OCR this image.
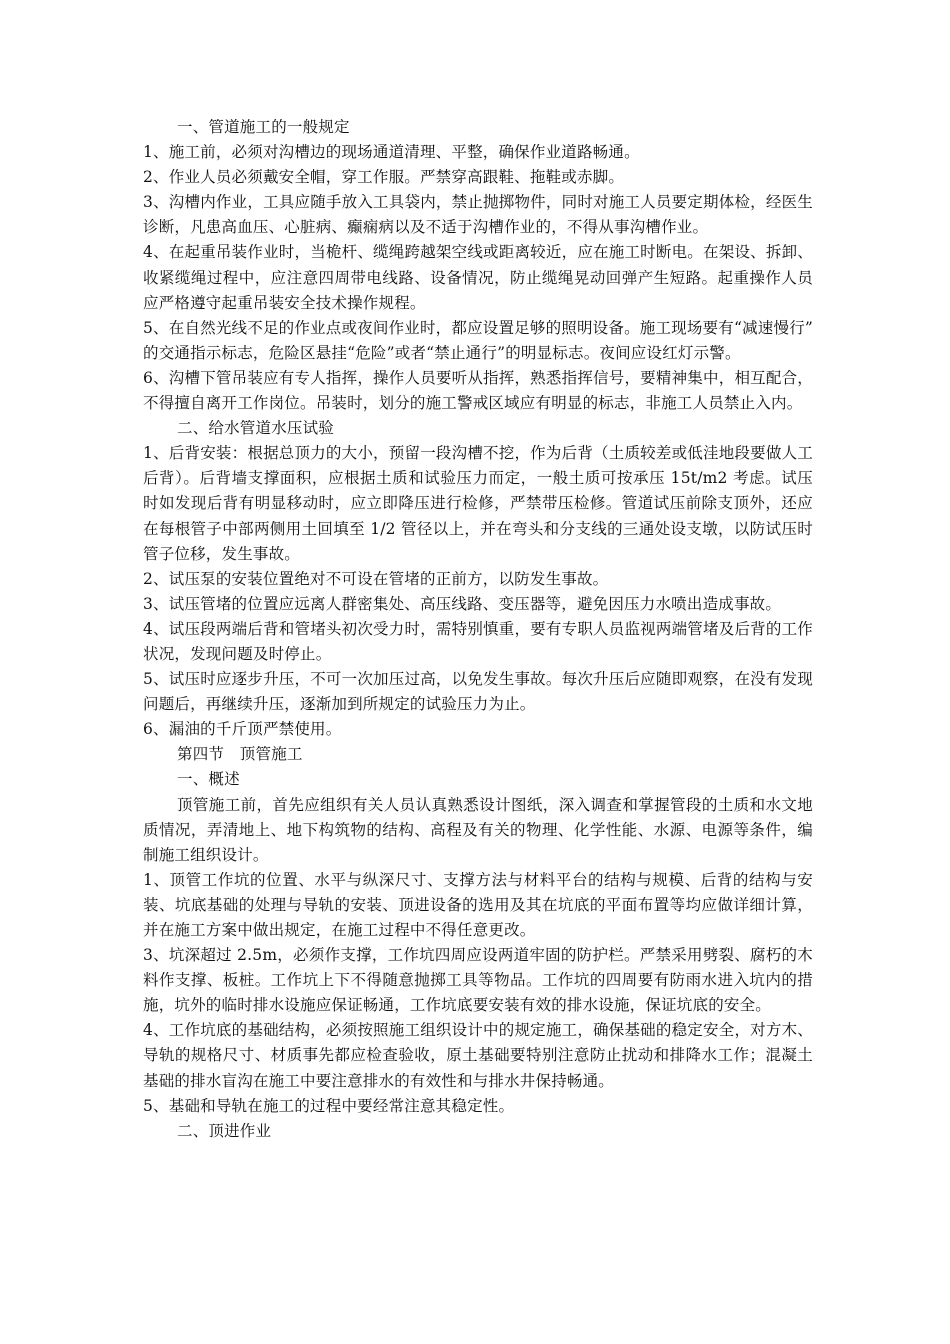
一、管道施工的一般规定

1、施工前，必须对沟槽边的现场通道清理、平整，确保作业道路畅通。

2、作业人员必须戴安全帽，穿工作服。严禁穿高跟鞋、拖鞋或赤脚。

3、沟槽内作业，工具应随手放入工具袋内，禁止抛掷物件，同时对施工人员要定期体检，经医生诊断，凡患高血压、心脏病、癫痫病以及不适于沟槽作业的，不得从事沟槽作业。

4、在起重吊装作业时，当桅杆、缆绳跨越架空线或距离较近，应在施工时断电。在架设、拆卸、收紧缆绳过程中，应注意四周带电线路、设备情况，防止缆绳晃动回弹产生短路。起重操作人员应严格遵守起重吊装安全技术操作规程。

5、在自然光线不足的作业点或夜间作业时，都应设置足够的照明设备。施工现场要有“减速慢行”　的交通指示标志，危险区悬挂“危险”或者“禁止通行”的明显标志。夜间应设红灯示警。

6、沟槽下管吊装应有专人指挥，操作人员要听从指挥，熟悉指挥信号，要精神集中，相互配合，不得擅自离开工作岗位。吊装时，划分的施工警戒区域应有明显的标志，非施工人员禁止入内。

二、给水管道水压试验

1、后背安装：根据总顶力的大小，预留一段沟槽不挖，作为后背（土质较差或低洼地段要做人工后背）。后背墙支撑面积，应根据土质和试验压力而定，一般土质可按承压 15t/m2 考虑。试压时如发现后背有明显移动时，应立即降压进行检修，严禁带压检修。管道试压前除支顶外，还应在每根管子中部两侧用土回填至 1/2 管径以上，并在弯头和分支线的三通处设支墩，以防试压时管子位移，发生事故。

2、试压泵的安装位置绝对不可设在管堵的正前方，以防发生事故。

3、试压管堵的位置应远离人群密集处、高压线路、变压器等，避免因压力水喷出造成事故。

4、试压段两端后背和管堵头初次受力时，需特别慎重，要有专职人员监视两端管堵及后背的工作状况，发现问题及时停止。

5、试压时应逐步升压，不可一次加压过高，以免发生事故。每次升压后应随即观察，在没有发现问题后，再继续升压，逐渐加到所规定的试验压力为止。

6、漏油的千斤顶严禁使用。

第四节　顶管施工

一、概述

顶管施工前，首先应组织有关人员认真熟悉设计图纸，深入调查和掌握管段的土质和水文地质情况，弄清地上、地下构筑物的结构、高程及有关的物理、化学性能、水源、电源等条件，编制施工组织设计。

1、顶管工作坑的位置、水平与纵深尺寸、支撑方法与材料平台的结构与规模、后背的结构与安装、坑底基础的处理与导轨的安装、顶进设备的选用及其在坑底的平面布置等均应做详细计算，并在施工方案中做出规定，在施工过程中不得任意更改。

3、坑深超过 2.5m，必须作支撑，工作坑四周应设两道牢固的防护栏。严禁采用劈裂、腐朽的木料作支撑、板桩。工作坑上下不得随意抛掷工具等物品。工作坑的四周要有防雨水进入坑内的措施，坑外的临时排水设施应保证畅通，工作坑底要安装有效的排水设施，保证坑底的安全。

4、工作坑底的基础结构，必须按照施工组织设计中的规定施工，确保基础的稳定安全，对方木、导轨的规格尺寸、材质事先都应检查验收，原土基础要特别注意防止扰动和排降水工作；混凝土基础的排水盲沟在施工中要注意排水的有效性和与排水井保持畅通。

5、基础和导轨在施工的过程中要经常注意其稳定性。

二、顶进作业
